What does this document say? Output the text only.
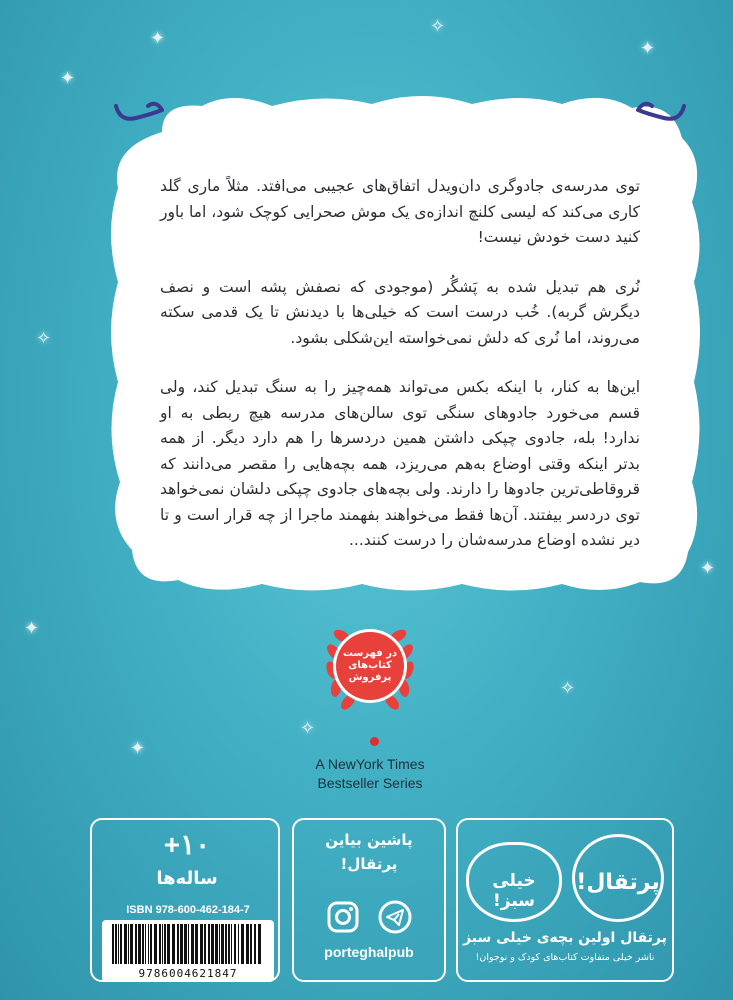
✦
✦
✧
✦
✧
✦
✦
✧
✦
✧

توی مدرسه‌ی جادوگری دان‌ویدل اتفاق‌های عجیبی می‌افتد. مثلاً ماری گلد کاری می‌کند که لیسی کلنچ اندازه‌ی یک موش صحرایی کوچک شود، اما باور کنید دست خودش نیست!

نُری هم تبدیل شده به پَشگُر (موجودی که نصفش پشه است و نصف دیگرش گربه). خُب درست است که خیلی‌ها با دیدنش تا یک قدمی سکته می‌روند، اما نُری که دلش نمی‌خواسته این‌شکلی بشود.

این‌ها به کنار، با اینکه بکس می‌تواند همه‌چیز را به سنگ تبدیل کند، ولی قسم می‌خورد جادوهای سنگی توی سالن‌های مدرسه هیچ ربطی به او ندارد! بله، جادوی چپکی داشتن همین دردسرها را هم دارد دیگر. از همه بدتر اینکه وقتی اوضاع به‌هم می‌ریزد، همه بچه‌هایی را مقصر می‌دانند که قروقاطی‌ترین جادوها را دارند. ولی بچه‌های جادوی چپکی دلشان نمی‌خواهد توی دردسر بیفتند. آن‌ها فقط می‌خواهند بفهمند ماجرا از چه قرار است و تا دیر نشده اوضاع مدرسه‌شان را درست کنند...

در فهرست
کتاب‌های
پرفروش
A NewYork Times
Bestseller Series
+۱۰
ساله‌ها
ISBN 978-600-462-184-7
9786004621847
پاشین بیاین
پرتقال!
porteghalpub
پرتقال!
خیلی سبز!
پرتقال اولین بچه‌ی خیلی سبز
ناشر خیلی متفاوت کتاب‌های کودک و نوجوان!
